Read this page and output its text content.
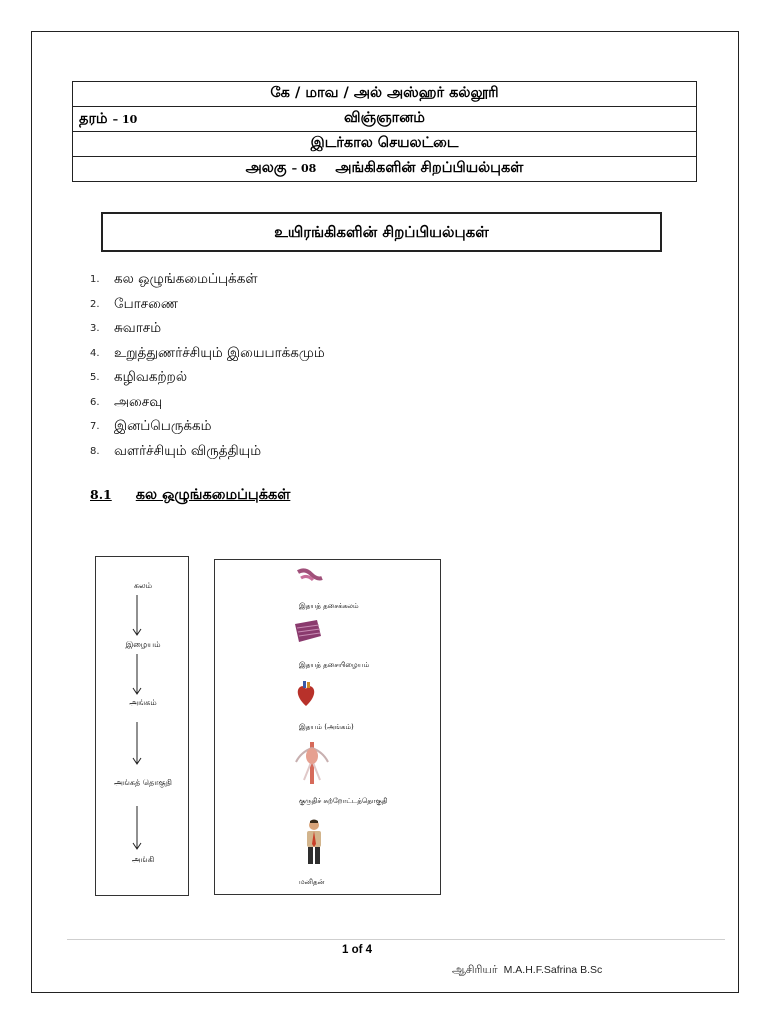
கே / மாவ / அல் அஸ்ஹர் கல்லூரி

தரம் – 10	விஞ்ஞானம்
இடர்கால செயலட்டை
அலகு – 08 அங்கிகளின் சிறப்பியல்புகள்
உயிரங்கிகளின் சிறப்பியல்புகள்
1. கல ஒழுங்கமைப்புக்கள்
2. போசணை
3. சுவாசம்
4. உறுத்துணர்ச்சியும் இயைபாக்கமும்
5. கழிவகற்றல்
6. அசைவு
7. இனப்பெருக்கம்
8. வளர்ச்சியும் விருத்தியும்
8.1 கல ஒழுங்கமைப்புக்கள்
கலம்
இழையம்
அங்கம்
அங்கத் தொகுதி
அங்கி
இதயத் தசைக்கலம்
இதயத் தசையிழையம்
இதயம் (அங்கம்)
குருதிச் சுற்றோட்டத்தொகுதி
மனிதன்
1 of 4
ஆசிரியர் M.A.H.F.Safrina B.Sc
